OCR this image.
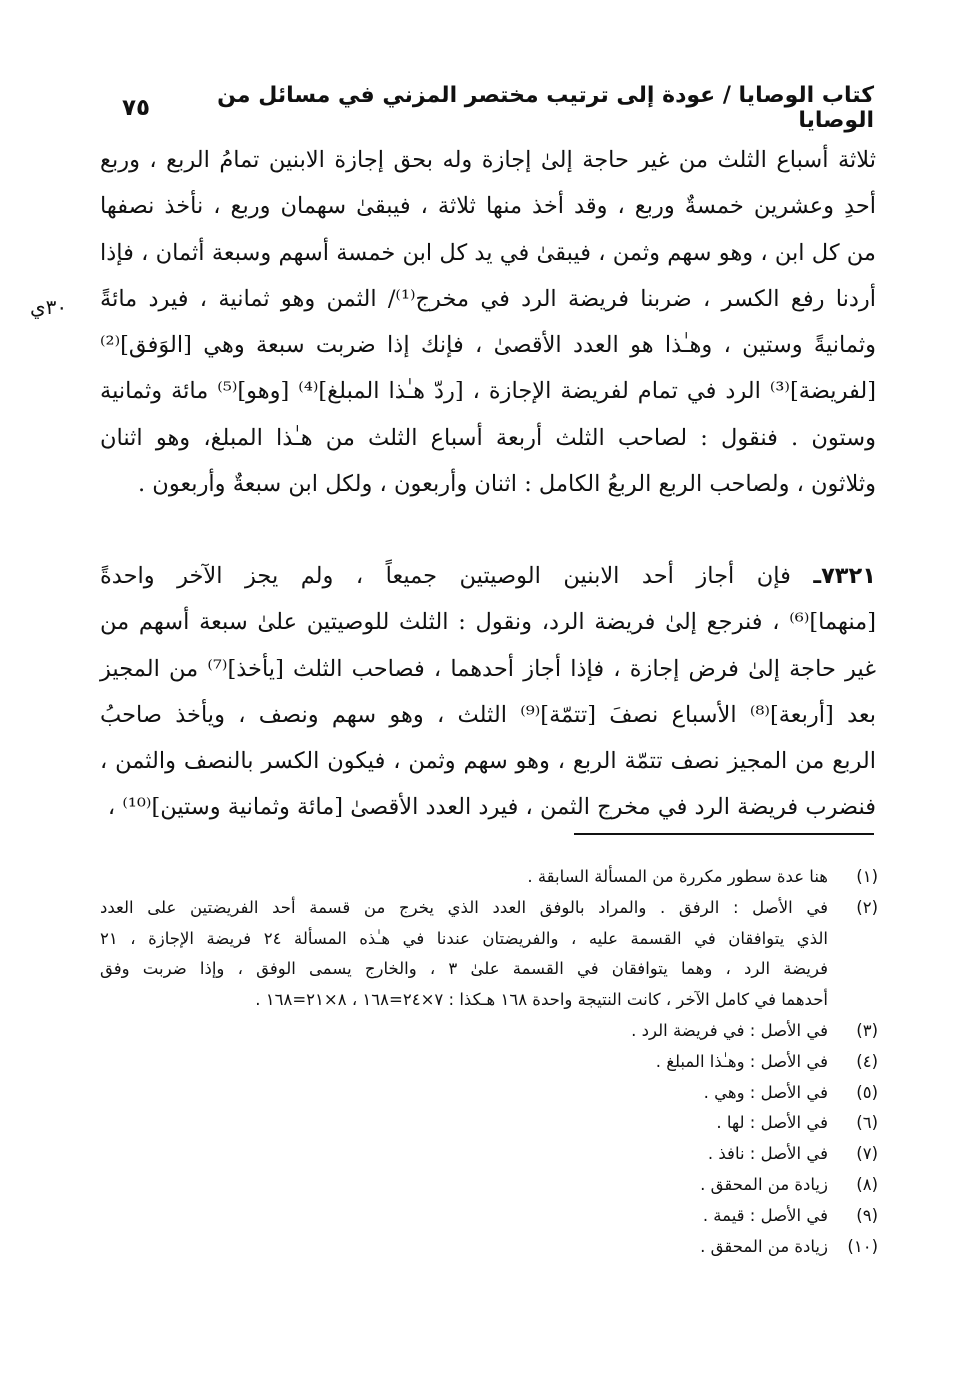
كتاب الوصايا / عودة إلى ترتيب مختصر المزني في مسائل من الوصايا
٧٥
٣٠ي
ثلاثة أسباع الثلث من غير حاجة إلىٰ إجازة وله بحق إجازة الابنين تمامُ الربع ، وربع
أحدِ وعشرين خمسةٌ وربع ، وقد أخذ منها ثلاثة ، فيبقىٰ سهمان وربع ، نأخذ نصفها
من كل ابن ، وهو سهم وثمن ، فيبقىٰ في يد كل ابن خمسة أسهم وسبعة أثمان ، فإذا
أردنا رفع الكسر ، ضربنا فريضة الرد في مخرج⁽¹⁾/ الثمن وهو ثمانية ، فيرد مائةً
وثمانيةً وستين ، وهـٰذا هو العدد الأقصىٰ ، فإنك إذا ضربت سبعة وهي [الوَفق]⁽²⁾
[لفريضة]⁽³⁾ الرد في تمام لفريضة الإجازة ، [ردّ هـٰذا المبلغ]⁽⁴⁾ [وهو]⁽⁵⁾ مائة وثمانية
وستون . فنقول : لصاحب الثلث أربعة أسباع الثلث من هـٰذا المبلغ، وهو اثنان
وثلاثون ، ولصاحب الربع الربعُ الكامل : اثنان وأربعون ، ولكل ابن سبعةٌ وأربعون .
٧٣٢١ـ فإن أجاز أحد الابنين الوصيتين جميعاً ، ولم يجز الآخر واحدةً
[منهما]⁽⁶⁾ ، فنرجع إلىٰ فريضة الرد، ونقول : الثلث للوصيتين علىٰ سبعة أسهم من
غير حاجة إلىٰ فرض إجازة ، فإذا أجاز أحدهما ، فصاحب الثلث [يأخذ]⁽⁷⁾ من المجيز
بعد [أربعة]⁽⁸⁾ الأسباع نصفَ [تتمّة]⁽⁹⁾ الثلث ، وهو سهم ونصف ، ويأخذ صاحبُ
الربع من المجيز نصف تتمّة الربع ، وهو سهم وثمن ، فيكون الكسر بالنصف والثمن ،
فنضرب فريضة الرد في مخرج الثمن ، فيرد العدد الأقصىٰ [مائة وثمانية وستين]⁽¹⁰⁾ ،
(١)
هنا عدة سطور مكررة من المسألة السابقة .
(٢)
في الأصل : الرفق . والمراد بالوفق العدد الذي يخرج من قسمة أحد الفريضتين على العدد
الذي يتوافقان في القسمة عليه ، والفريضتان عندنا في هـٰذه المسألة ٢٤ فريضة الإجازة ، ٢١
فريضة الرد ، وهما يتوافقان في القسمة علىٰ ٣ ، والخارج يسمى الوفق ، وإذا ضربت وفق
أحدهما في كامل الآخر ، كانت النتيجة واحدة ١٦٨ هـكذا : ٧×٢٤=١٦٨ ، ٨×٢١=١٦٨ .
(٣)
في الأصل : في فريضة الرد .
(٤)
في الأصل : وهـٰذا المبلغ .
(٥)
في الأصل : وهي .
(٦)
في الأصل : لها .
(٧)
في الأصل : نافذ .
(٨)
زيادة من المحقق .
(٩)
في الأصل : قيمة .
(١٠)
زيادة من المحقق .
